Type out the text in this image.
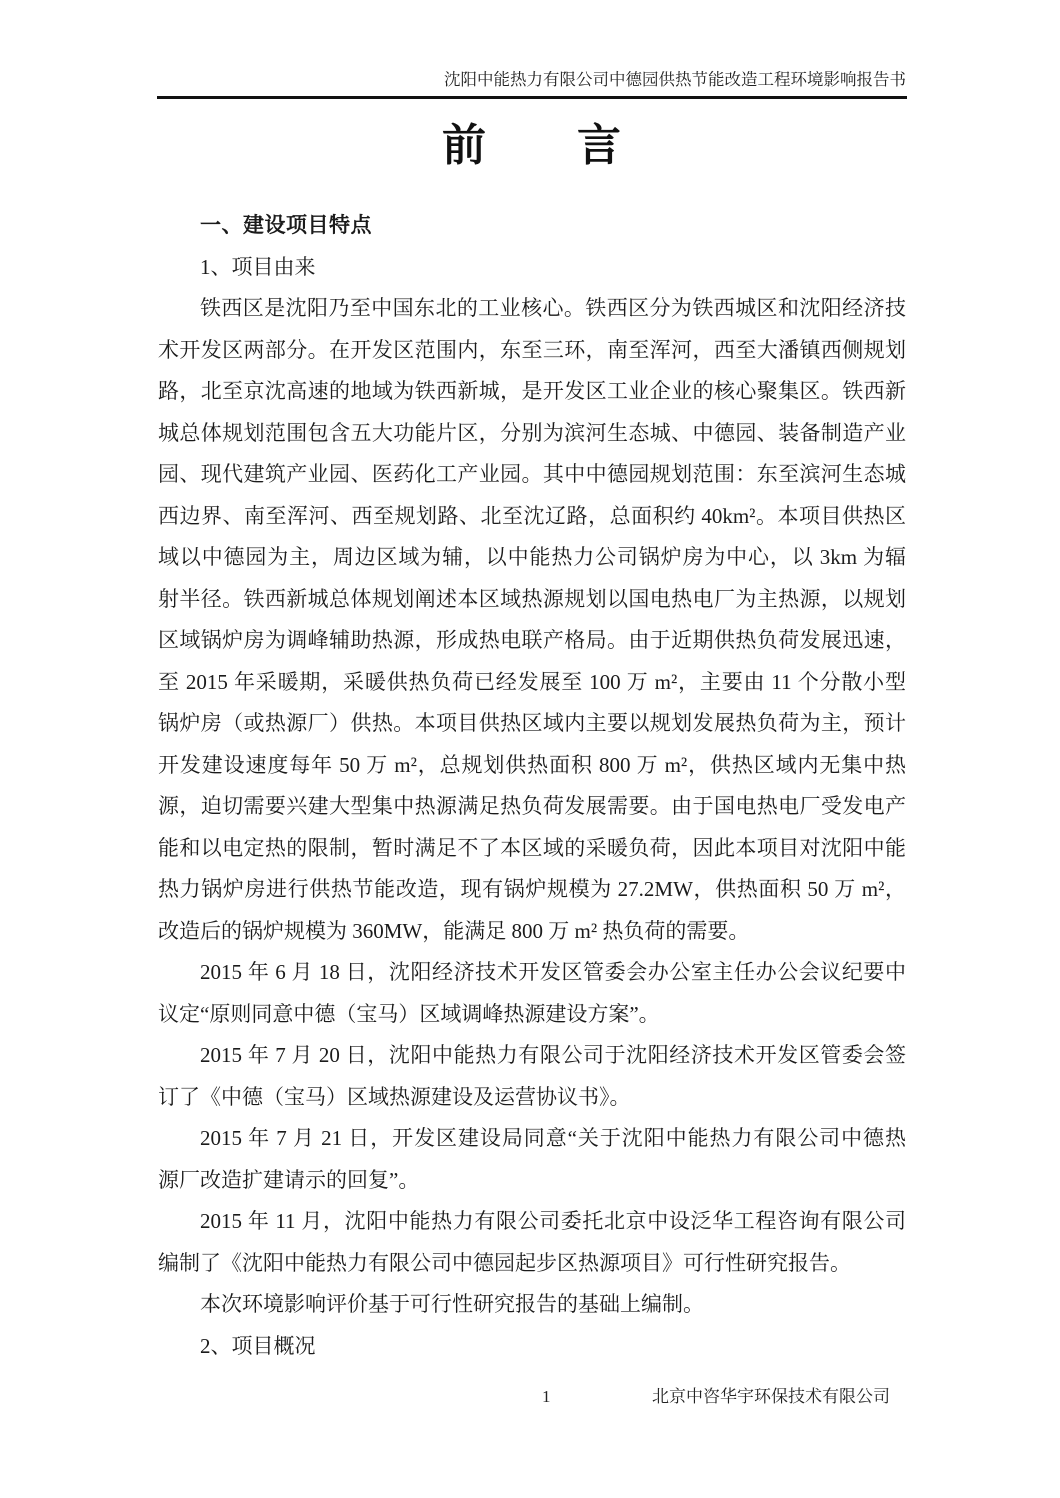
沈阳中能热力有限公司中德园供热节能改造工程环境影响报告书
前　　言
一、建设项目特点
1、项目由来
铁西区是沈阳乃至中国东北的工业核心。铁西区分为铁西城区和沈阳经济技
术开发区两部分。在开发区范围内，东至三环，南至浑河，西至大潘镇西侧规划
路，北至京沈高速的地域为铁西新城，是开发区工业企业的核心聚集区。铁西新
城总体规划范围包含五大功能片区，分别为滨河生态城、中德园、装备制造产业
园、现代建筑产业园、医药化工产业园。其中中德园规划范围：东至滨河生态城
西边界、南至浑河、西至规划路、北至沈辽路，总面积约 40km²。本项目供热区
域以中德园为主，周边区域为辅，以中能热力公司锅炉房为中心，以 3km 为辐
射半径。铁西新城总体规划阐述本区域热源规划以国电热电厂为主热源，以规划
区域锅炉房为调峰辅助热源，形成热电联产格局。由于近期供热负荷发展迅速，
至 2015 年采暖期，采暖供热负荷已经发展至 100 万 m²，主要由 11 个分散小型
锅炉房（或热源厂）供热。本项目供热区域内主要以规划发展热负荷为主，预计
开发建设速度每年 50 万 m²，总规划供热面积 800 万 m²，供热区域内无集中热
源，迫切需要兴建大型集中热源满足热负荷发展需要。由于国电热电厂受发电产
能和以电定热的限制，暂时满足不了本区域的采暖负荷，因此本项目对沈阳中能
热力锅炉房进行供热节能改造，现有锅炉规模为 27.2MW，供热面积 50 万 m²，
改造后的锅炉规模为 360MW，能满足 800 万 m² 热负荷的需要。
2015 年 6 月 18 日，沈阳经济技术开发区管委会办公室主任办公会议纪要中
议定“原则同意中德（宝马）区域调峰热源建设方案”。
2015 年 7 月 20 日，沈阳中能热力有限公司于沈阳经济技术开发区管委会签
订了《中德（宝马）区域热源建设及运营协议书》。
2015 年 7 月 21 日，开发区建设局同意“关于沈阳中能热力有限公司中德热
源厂改造扩建请示的回复”。
2015 年 11 月，沈阳中能热力有限公司委托北京中设泛华工程咨询有限公司
编制了《沈阳中能热力有限公司中德园起步区热源项目》可行性研究报告。
本次环境影响评价基于可行性研究报告的基础上编制。
2、项目概况
1	北京中咨华宇环保技术有限公司
